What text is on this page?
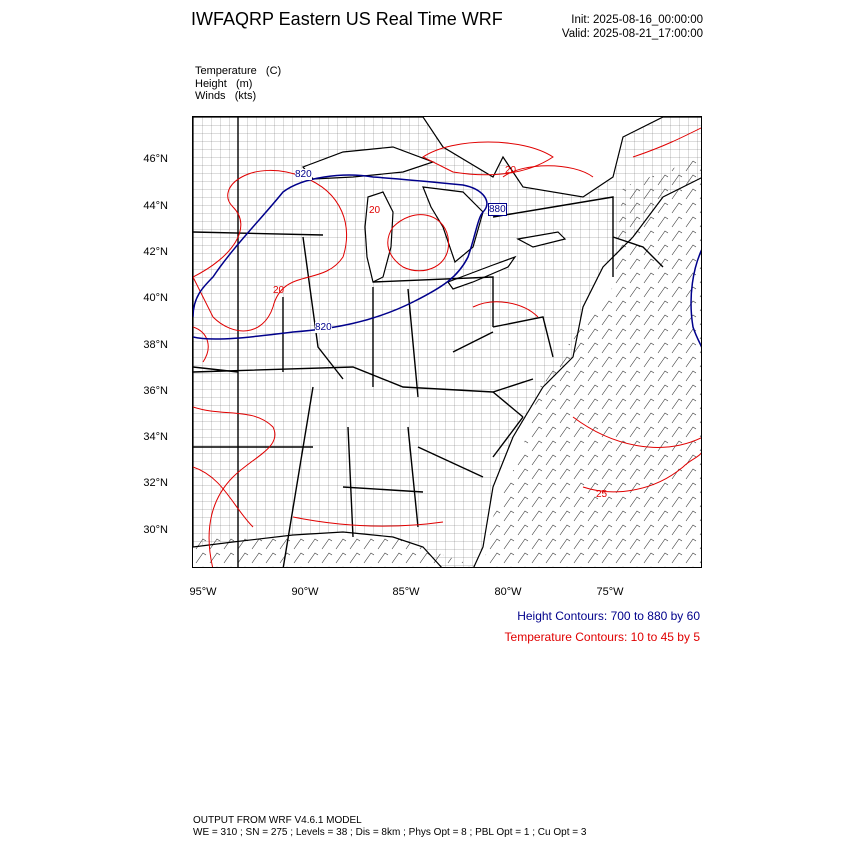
IWFAQRP Eastern US Real Time WRF	Init: 2025-08-16_00:00:00
Valid: 2025-08-21_17:00:00
Temperature   (C)
Height   (m)
Winds   (kts)
46°N
44°N
42°N
40°N
38°N
36°N
34°N
32°N
30°N
95°W	90°W	85°W	80°W	75°W
820
820
880
20
20
20
25
Height Contours: 700 to 880 by 60
Temperature Contours: 10 to 45 by 5
OUTPUT FROM WRF V4.6.1 MODEL
WE = 310 ; SN = 275 ; Levels = 38 ; Dis = 8km ; Phys Opt = 8 ; PBL Opt = 1 ; Cu Opt = 3
